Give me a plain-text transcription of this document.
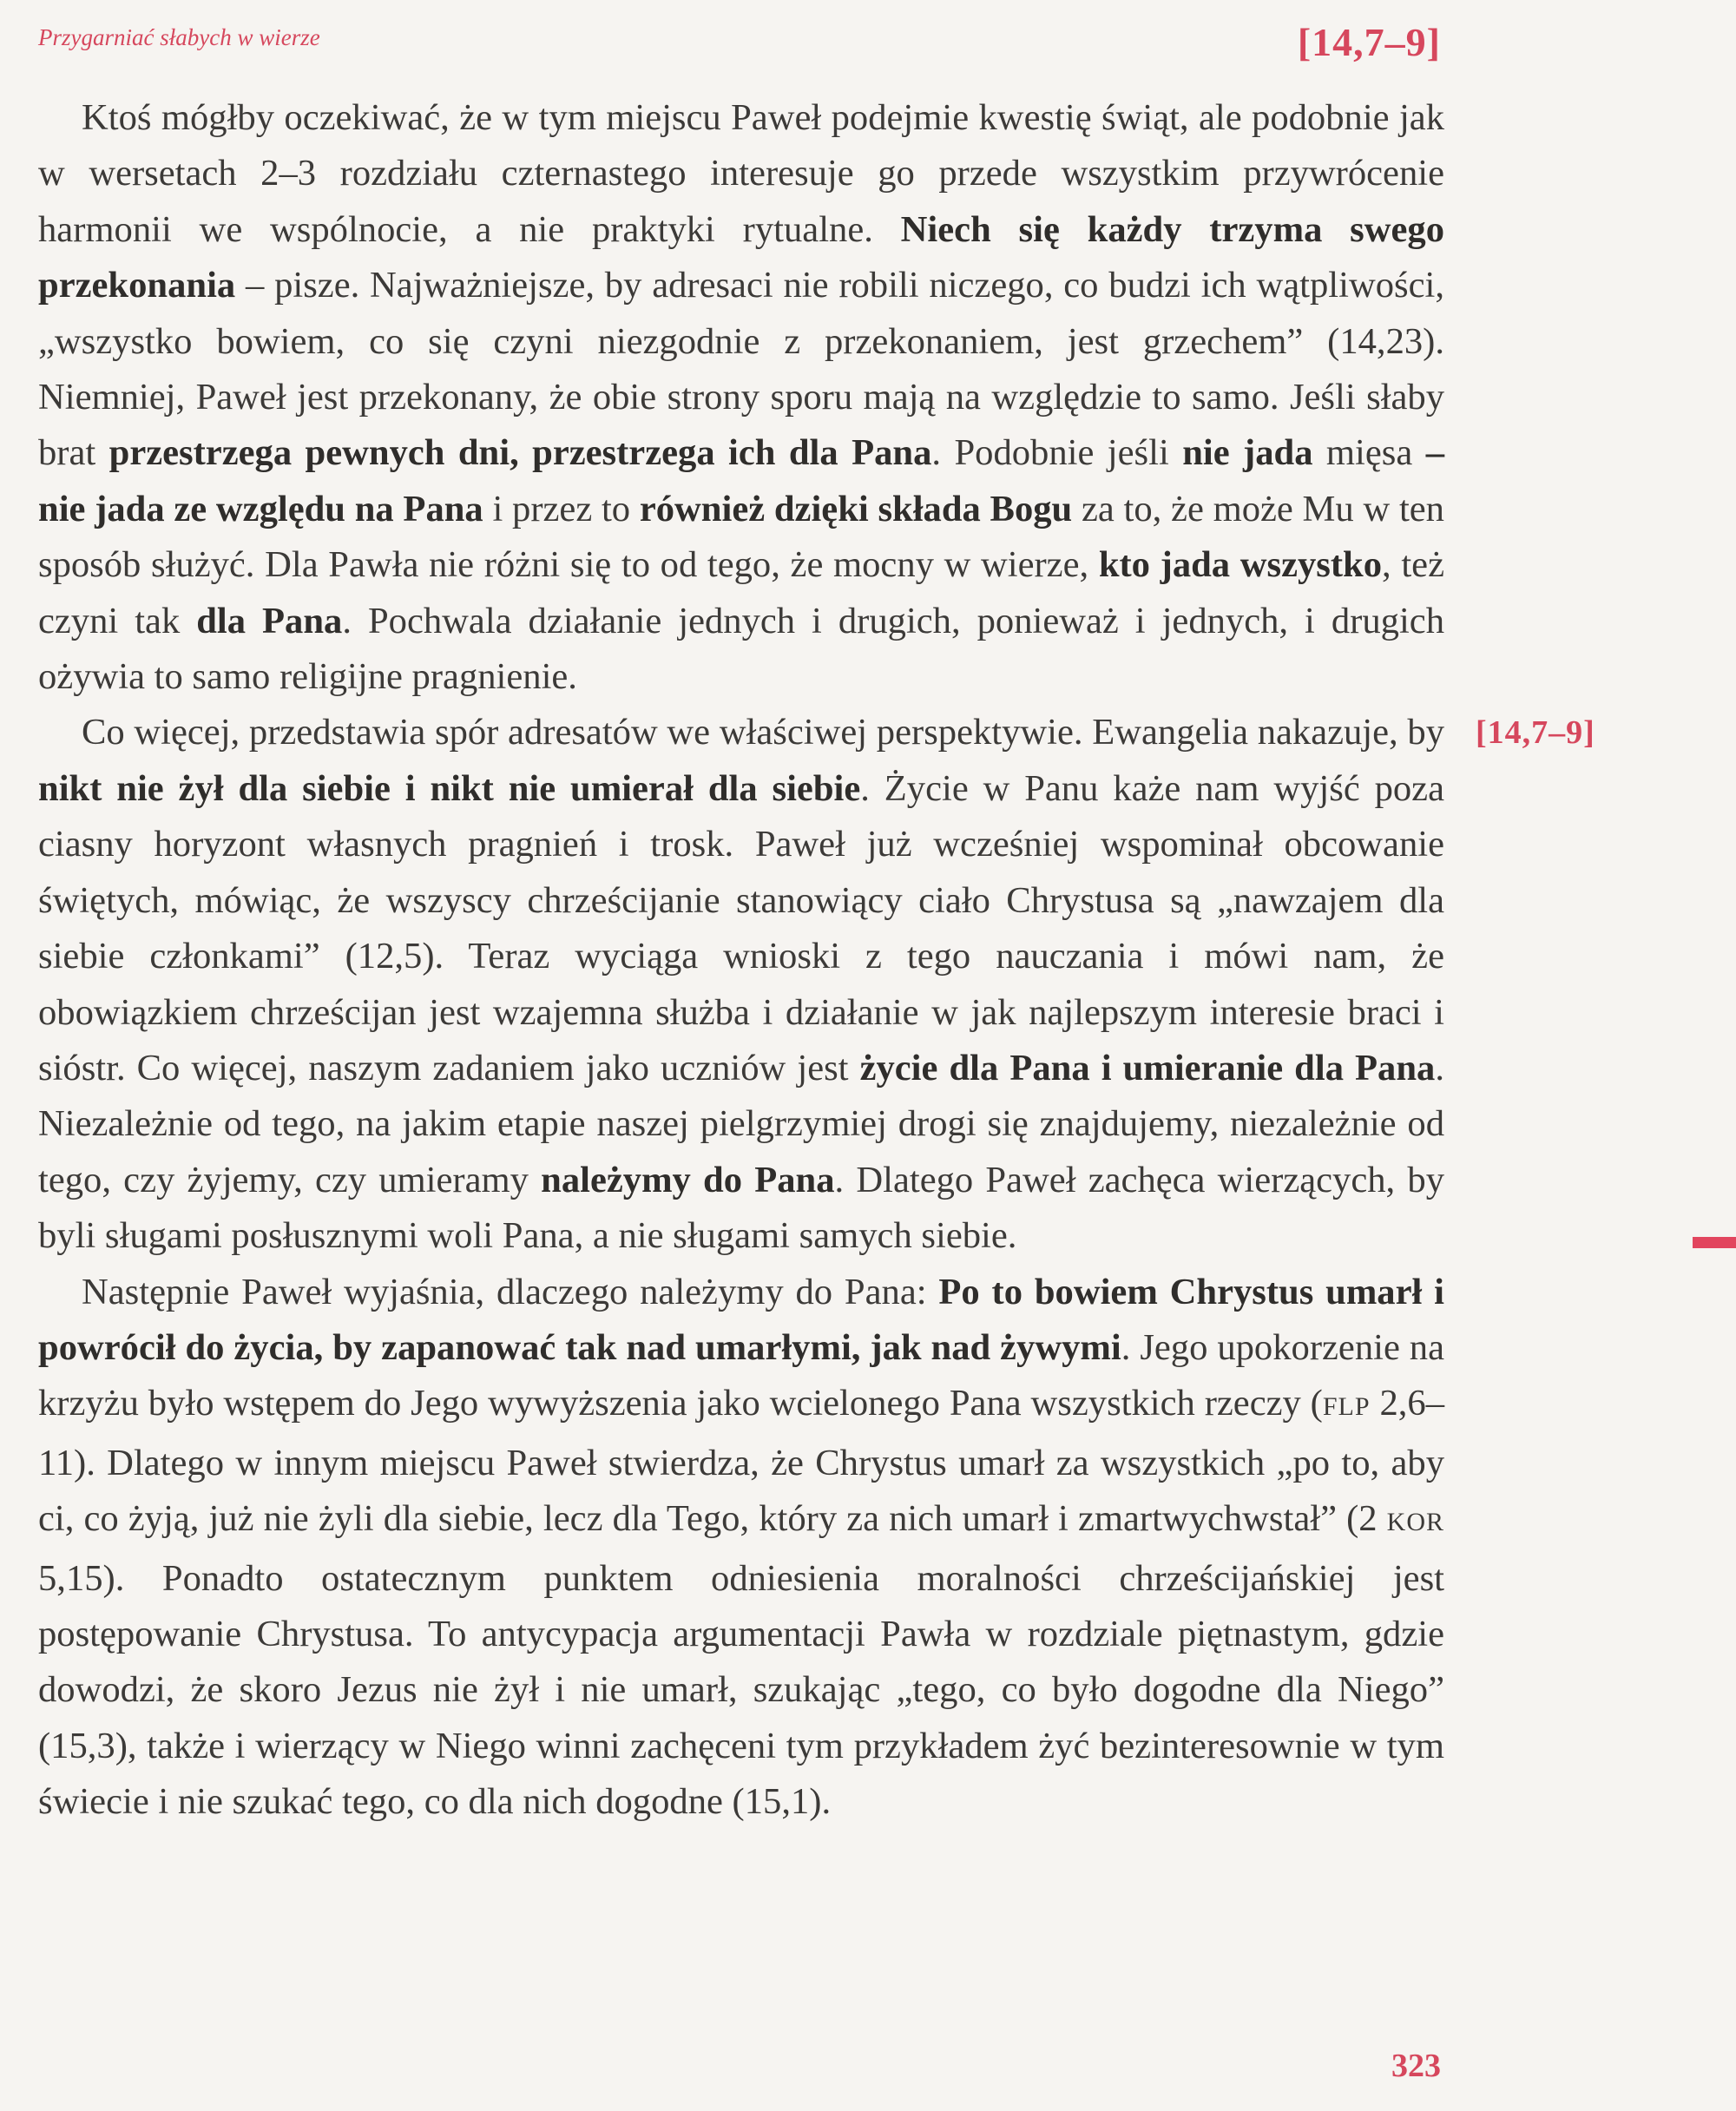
Przygarniać słabych w wierze	[14,7–9]

Ktoś mógłby oczekiwać, że w tym miejscu Paweł podejmie kwestię świąt, ale podobnie jak w wersetach 2–3 rozdziału czternastego interesuje go przede wszystkim przywrócenie harmonii we wspólnocie, a nie praktyki rytualne. Niech się każdy trzyma swego przekonania – pisze. Najważniejsze, by adresaci nie robili niczego, co budzi ich wątpliwości, „wszystko bowiem, co się czyni niezgodnie z przekonaniem, jest grzechem” (14,23). Niemniej, Paweł jest przekonany, że obie strony sporu mają na względzie to samo. Jeśli słaby brat przestrzega pewnych dni, przestrzega ich dla Pana. Podobnie jeśli nie jada mięsa – nie jada ze względu na Pana i przez to również dzięki składa Bogu za to, że może Mu w ten sposób służyć. Dla Pawła nie różni się to od tego, że mocny w wierze, kto jada wszystko, też czyni tak dla Pana. Pochwala działanie jednych i drugich, ponieważ i jednych, i drugich ożywia to samo religijne pragnienie.

Co więcej, przedstawia spór adresatów we właściwej perspektywie. Ewangelia nakazuje, by nikt nie żył dla siebie i nikt nie umierał dla siebie. Życie w Panu każe nam wyjść poza ciasny horyzont własnych pragnień i trosk. Paweł już wcześniej wspominał obcowanie świętych, mówiąc, że wszyscy chrześcijanie stanowiący ciało Chrystusa są „nawzajem dla siebie członkami” (12,5). Teraz wyciąga wnioski z tego nauczania i mówi nam, że obowiązkiem chrześcijan jest wzajemna służba i działanie w jak najlepszym interesie braci i sióstr. Co więcej, naszym zadaniem jako uczniów jest życie dla Pana i umieranie dla Pana. Niezależnie od tego, na jakim etapie naszej pielgrzymiej drogi się znajdujemy, niezależnie od tego, czy żyjemy, czy umieramy należymy do Pana. Dlatego Paweł zachęca wierzących, by byli sługami posłusznymi woli Pana, a nie sługami samych siebie.

Następnie Paweł wyjaśnia, dlaczego należymy do Pana: Po to bowiem Chrystus umarł i powrócił do życia, by zapanować tak nad umarłymi, jak nad żywymi. Jego upokorzenie na krzyżu było wstępem do Jego wywyższenia jako wcielonego Pana wszystkich rzeczy (FLP 2,6–11). Dlatego w innym miejscu Paweł stwierdza, że Chrystus umarł za wszystkich „po to, aby ci, co żyją, już nie żyli dla siebie, lecz dla Tego, który za nich umarł i zmartwychwstał” (2 KOR 5,15). Ponadto ostatecznym punktem odniesienia moralności chrześcijańskiej jest postępowanie Chrystusa. To antycypacja argumentacji Pawła w rozdziale piętnastym, gdzie dowodzi, że skoro Jezus nie żył i nie umarł, szukając „tego, co było dogodne dla Niego” (15,3), także i wierzący w Niego winni zachęceni tym przykładem żyć bezinteresownie w tym świecie i nie szukać tego, co dla nich dogodne (15,1).

[14,7–9]
323
